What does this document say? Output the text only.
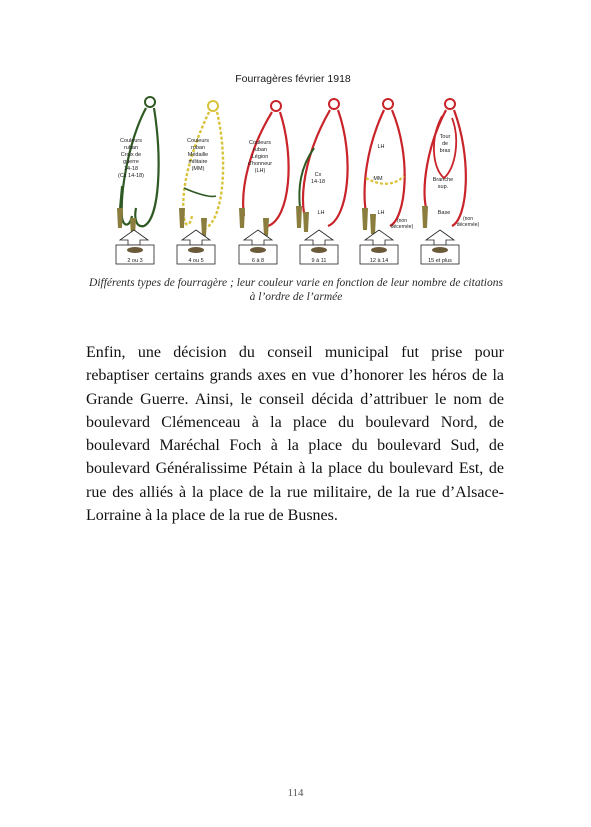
Fourragères février 1918
Couleurs
ruban
Croix de
guerre
14-18
(Cx 14-18)
Couleurs
ruban
Médaille
militaire
(MM)
Couleurs
ruban
Légion
d'honneur
(LH)
Cx
14-18
LH
LH
MM
LH
(non
décernée)
Tour
de
bras
Branche
sup.
Base
(non
décernée)
2 ou 3	4 ou 5	6 à 8	9 à 11	12 à 14	15 et plus
Différents types de fourragère ; leur couleur varie en fonction de leur nombre de citations à l’ordre de l’armée

Enfin, une décision du conseil municipal fut prise pour rebaptiser certains grands axes en vue d’honorer les héros de la Grande Guerre. Ainsi, le conseil décida d’attribuer le nom de boulevard Clémenceau à la place du boulevard Nord, de boulevard Maréchal Foch à la place du boulevard Sud, de boulevard Généralissime Pétain à la place du boulevard Est, de rue des alliés à la place de la rue militaire, de la rue d’Alsace-Lorraine à la place de la rue de Busnes.

114
